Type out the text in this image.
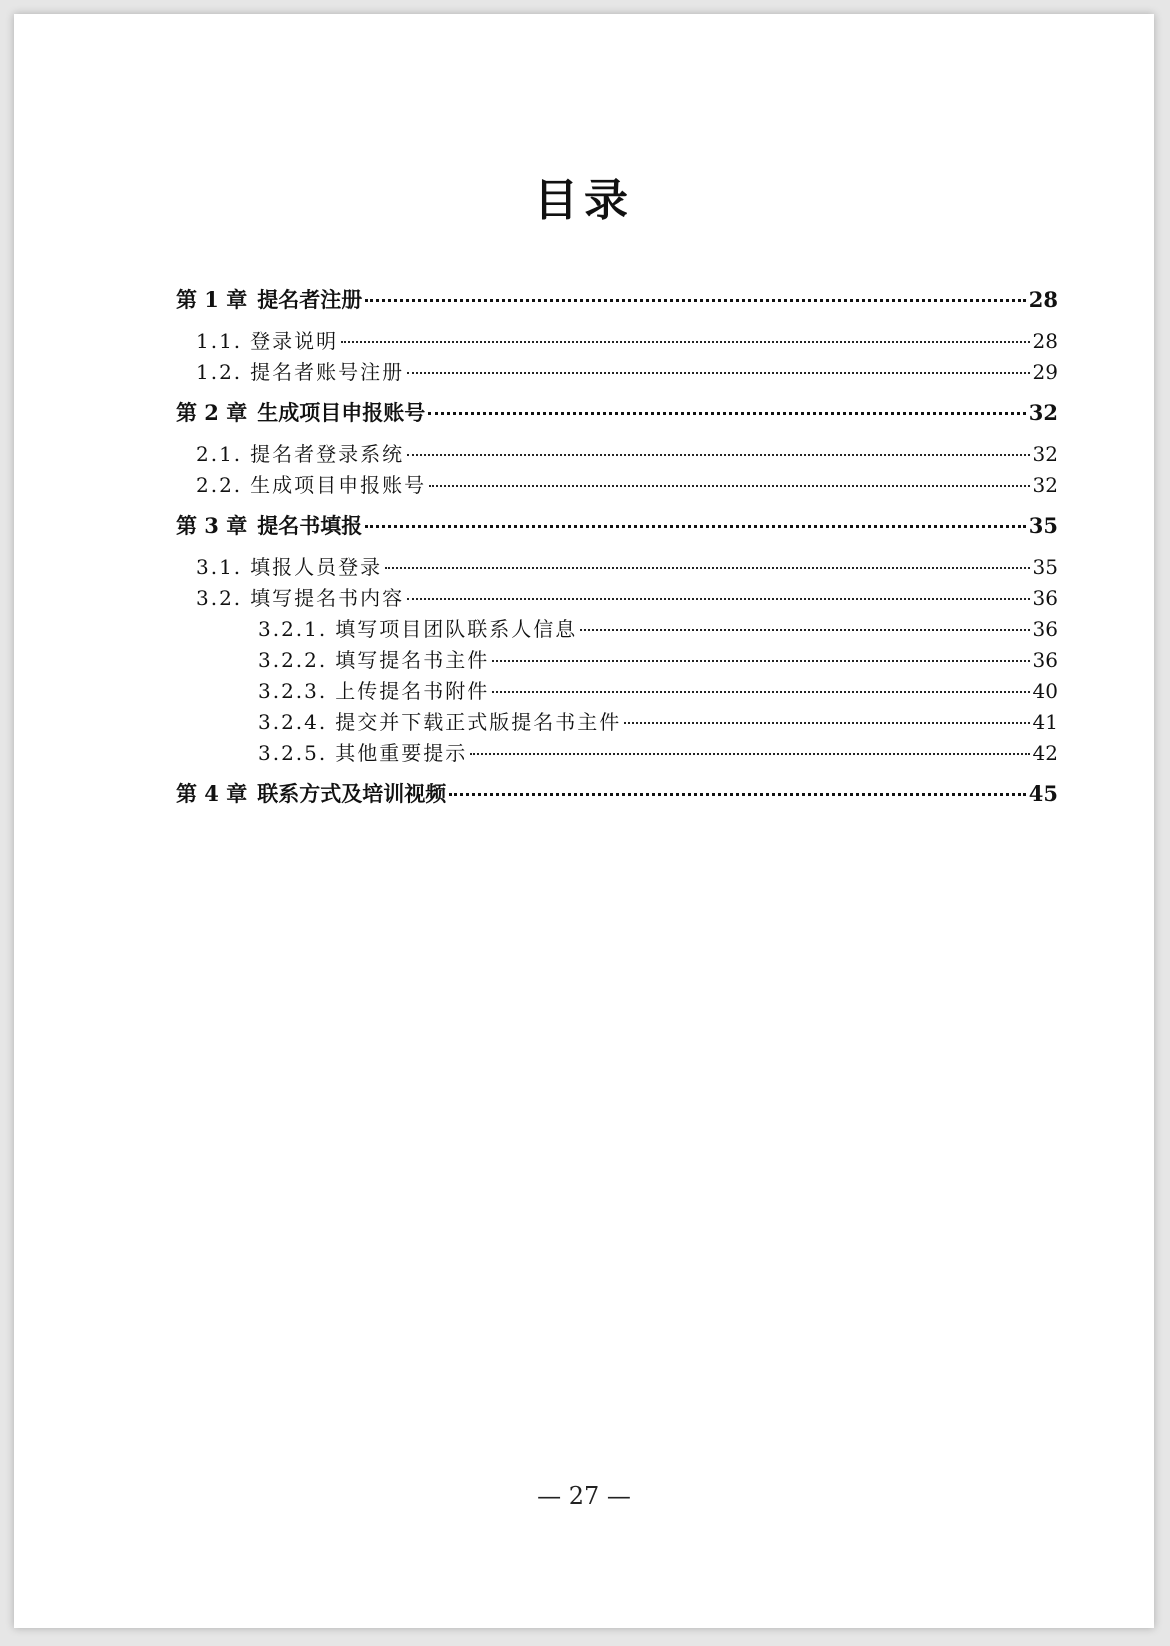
目录
第 1 章 提名者注册	28
1.1. 登录说明	28
1.2. 提名者账号注册	29
第 2 章 生成项目申报账号	32
2.1. 提名者登录系统	32
2.2. 生成项目申报账号	32
第 3 章 提名书填报	35
3.1. 填报人员登录	35
3.2. 填写提名书内容	36
3.2.1. 填写项目团队联系人信息	36
3.2.2. 填写提名书主件	36
3.2.3. 上传提名书附件	40
3.2.4. 提交并下载正式版提名书主件	41
3.2.5. 其他重要提示	42
第 4 章 联系方式及培训视频	45
— 27 —
